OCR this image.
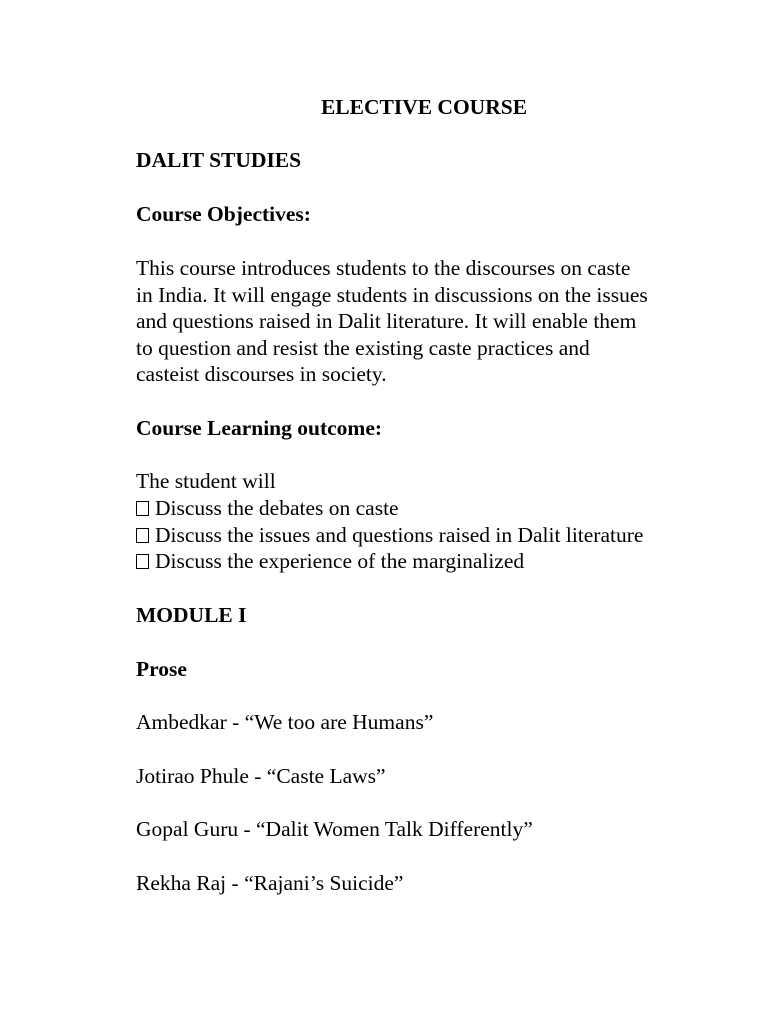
ELECTIVE COURSE
DALIT STUDIES
Course Objectives:

This course introduces students to the discourses on caste

in India. It will engage students in discussions on the issues

and questions raised in Dalit literature. It will enable them

to question and resist the existing caste practices and

casteist discourses in society.

Course Learning outcome:
The student will
Discuss the debates on caste
Discuss the issues and questions raised in Dalit literature
Discuss the experience of the marginalized
MODULE I
Prose
Ambedkar - “We too are Humans”
Jotirao Phule - “Caste Laws”
Gopal Guru - “Dalit Women Talk Differently”
Rekha Raj - “Rajani’s Suicide”
